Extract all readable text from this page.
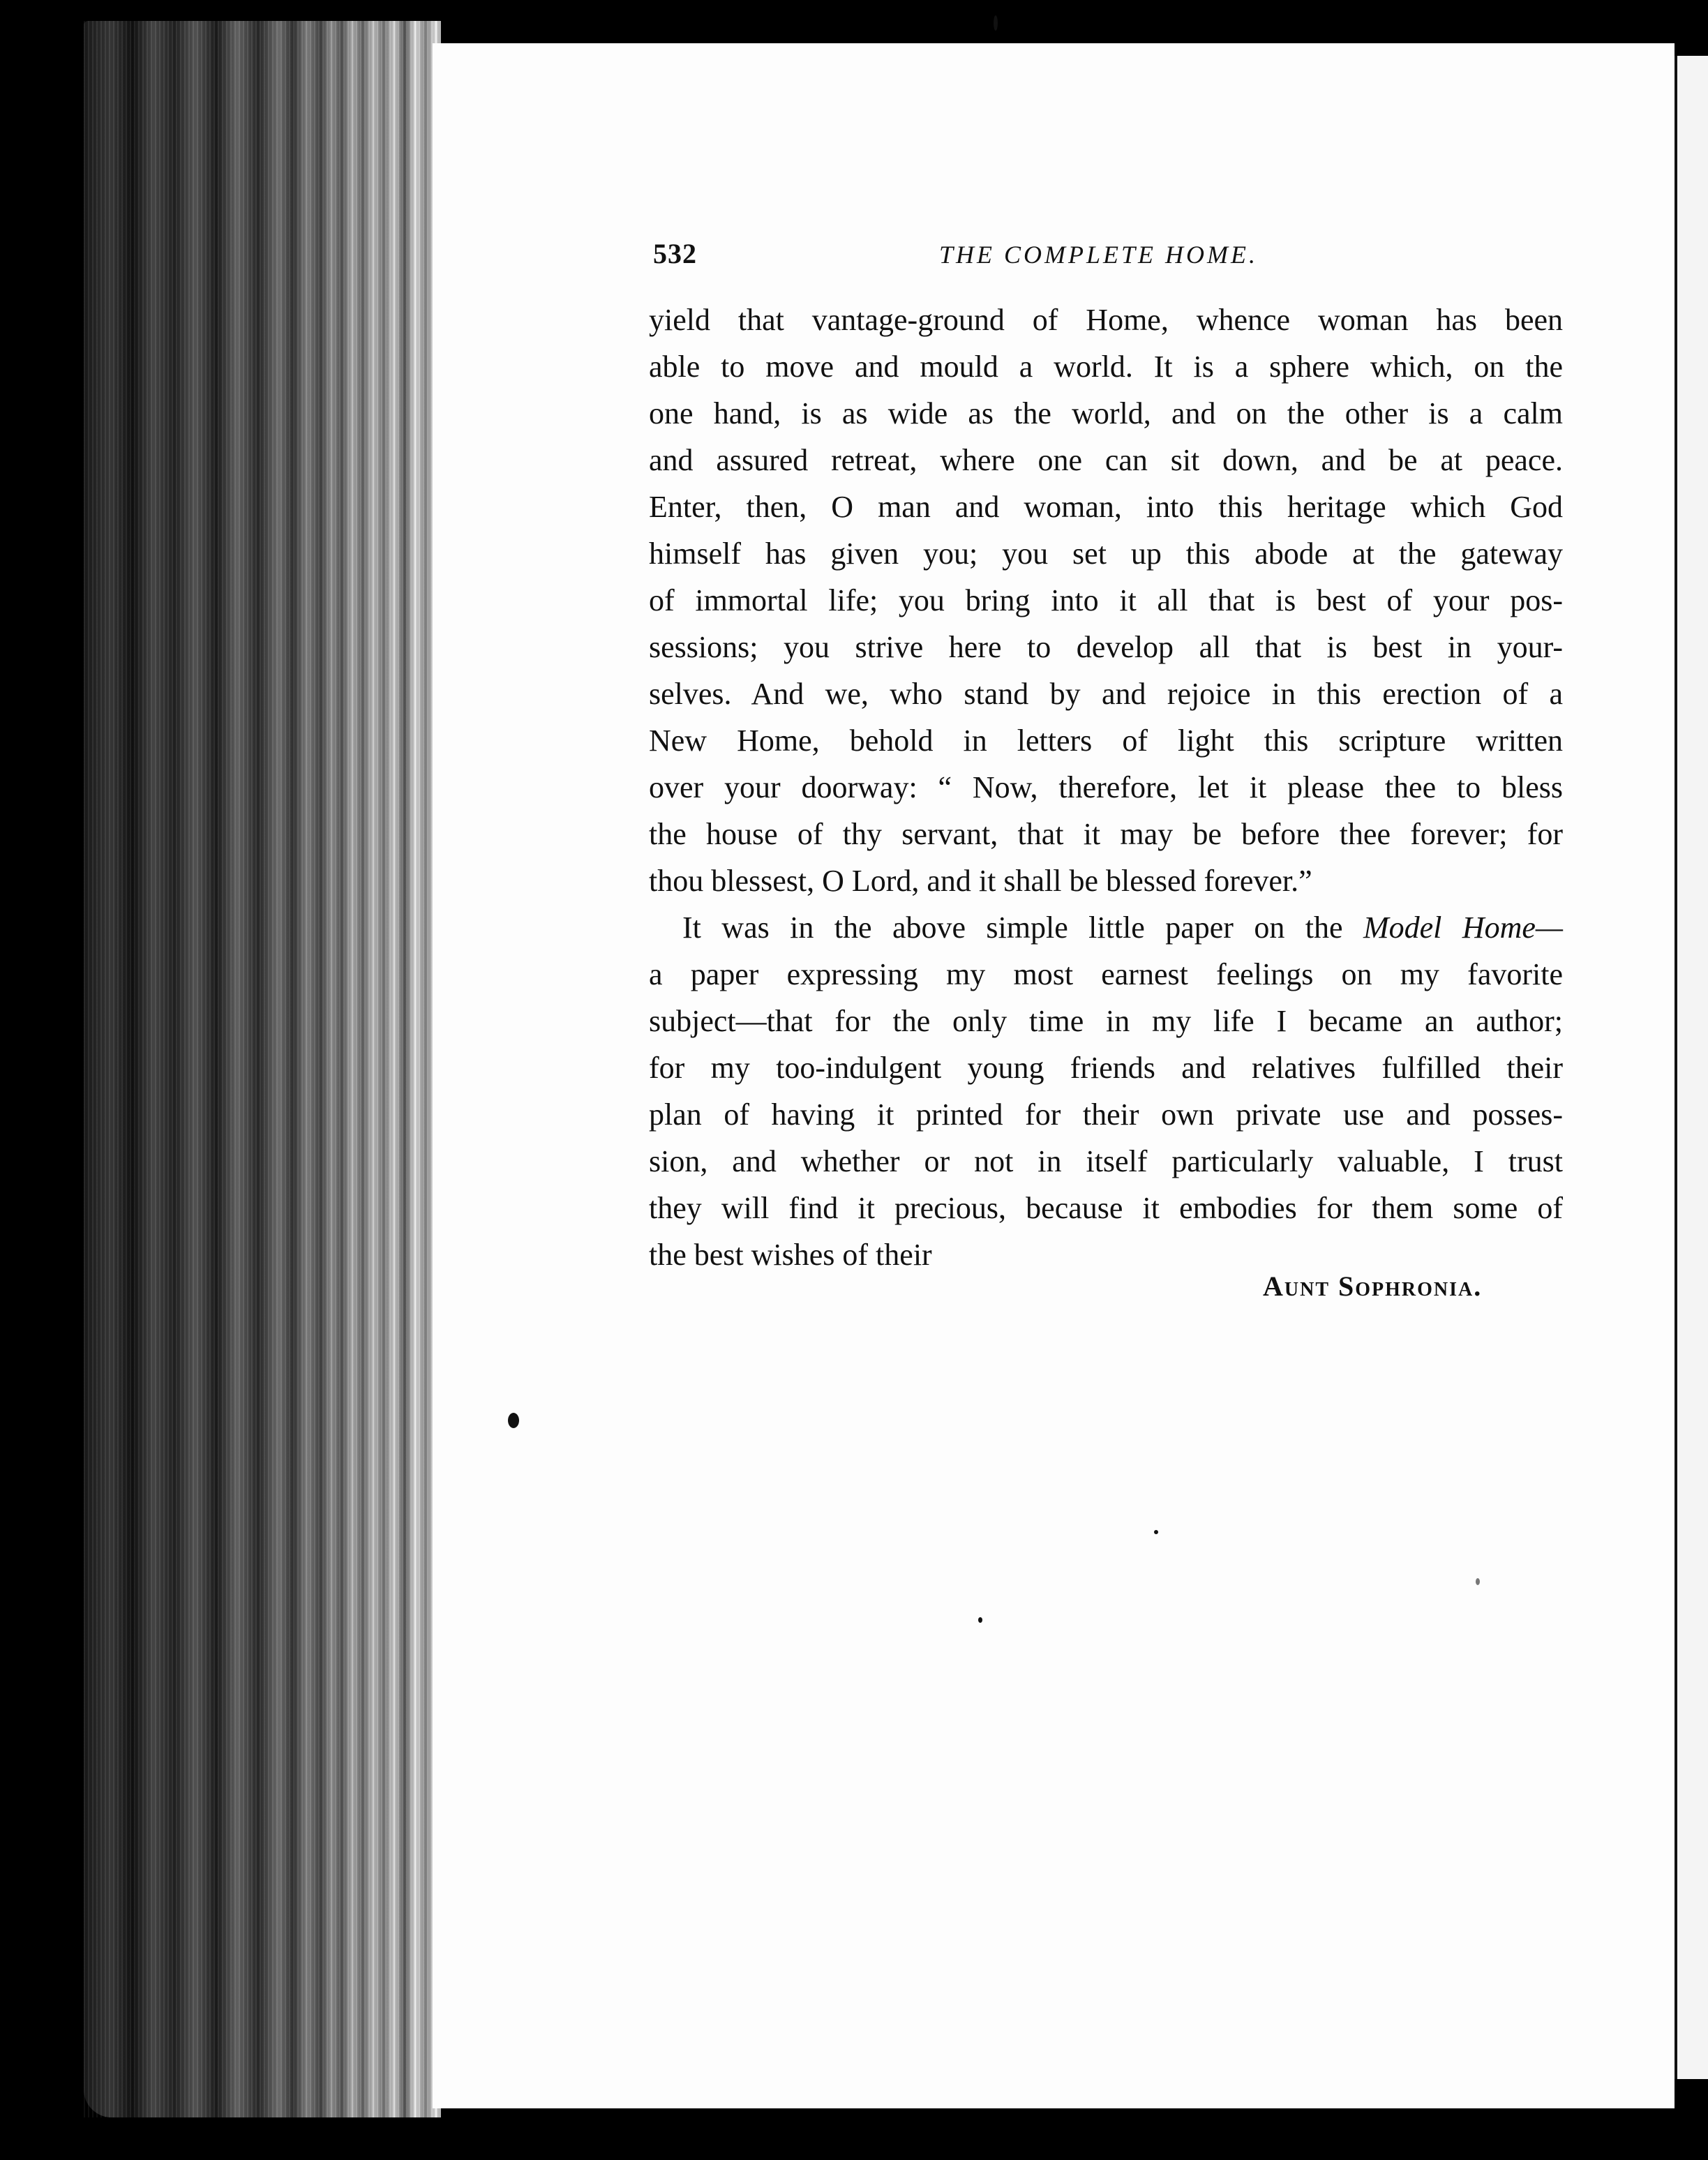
532	THE COMPLETE HOME.
yield that vantage-ground of Home, whence woman has been
able to move and mould a world. It is a sphere which, on the
one hand, is as wide as the world, and on the other is a calm
and assured retreat, where one can sit down, and be at peace.
Enter, then, O man and woman, into this heritage which God
himself has given you; you set up this abode at the gateway
of immortal life; you bring into it all that is best of your pos-
sessions; you strive here to develop all that is best in your-
selves. And we, who stand by and rejoice in this erection of a
New Home, behold in letters of light this scripture written
over your doorway: “ Now, therefore, let it please thee to bless
the house of thy servant, that it may be before thee forever; for
thou blessest, O Lord, and it shall be blessed forever.”
It was in the above simple little paper on the Model Home—
a paper expressing my most earnest feelings on my favorite
subject—that for the only time in my life I became an author;
for my too-indulgent young friends and relatives fulfilled their
plan of having it printed for their own private use and posses-
sion, and whether or not in itself particularly valuable, I trust
they will find it precious, because it embodies for them some of
the best wishes of their
Aunt Sophronia.
